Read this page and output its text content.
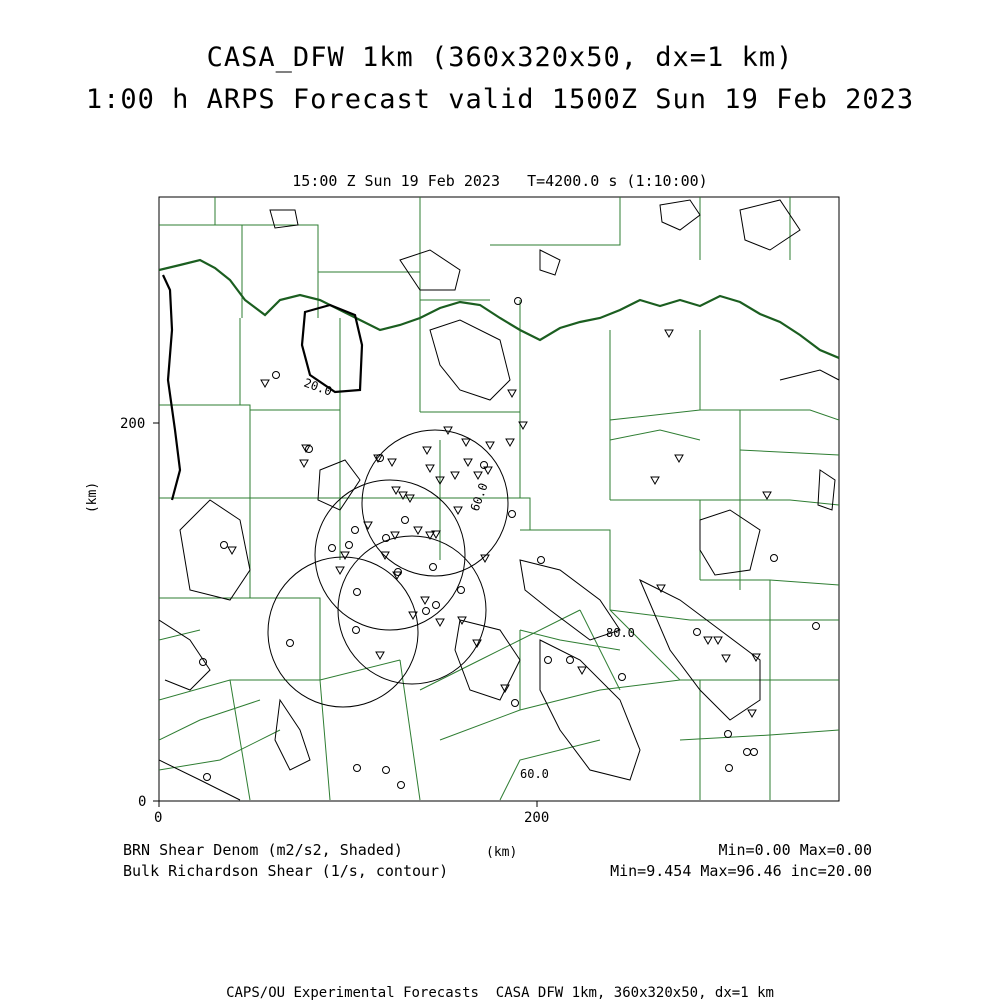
CASA_DFW 1km (360x320x50, dx=1 km)
1:00 h ARPS Forecast valid 1500Z Sun 19 Feb 2023
15:00 Z Sun 19 Feb 2023   T=4200.0 s (1:10:00)
20.0
60.0
80.0
60.0
0	200
0
200
(km)
(km)
BRN Shear Denom (m2/s2, Shaded)
Bulk Richardson Shear (1/s, contour)
Min=0.00 Max=0.00
Min=9.454 Max=96.46 inc=20.00
CAPS/OU Experimental Forecasts  CASA DFW 1km, 360x320x50, dx=1 km
